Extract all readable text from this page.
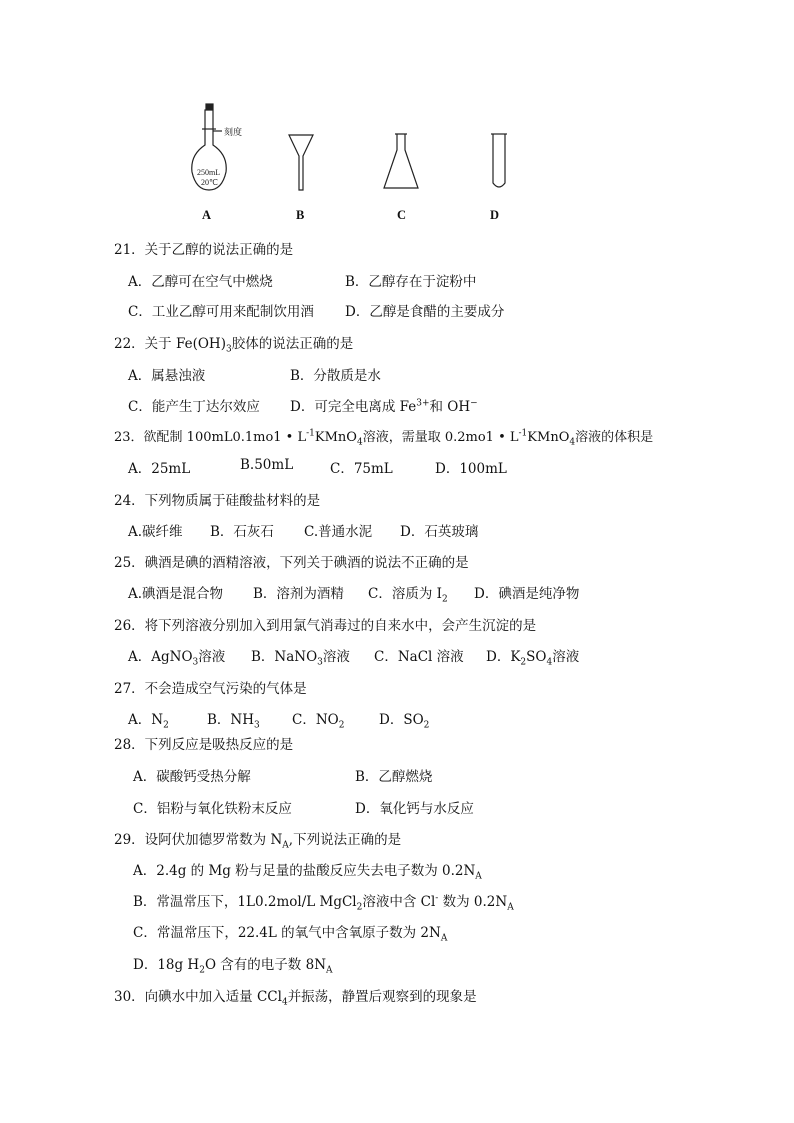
刻度
250mL
20℃
A	B	C	D
21．关于乙醇的说法正确的是
A．乙醇可在空气中燃烧	B．乙醇存在于淀粉中
C．工业乙醇可用来配制饮用酒 D．乙醇是食醋的主要成分
22．关于 $Fe(OH)_3$胶体的说法正确的是
A．属悬浊液	B．分散质是水
C．能产生丁达尔效应 D．可完全电离成 $Fe^{3+}$和 OH−
23．欲配制 100mL0.1mo1 • $L^{-1}KMnO_4$溶液，需量取 0.2mo1 • $L^{-1}KMnO_4$溶液的体积是
A．25mL	B.50mL	C．75mL	D．100mL
24．下列物质属于硅酸盐材料的是
A.碳纤维 B．石灰石 C.普通水泥 D．石英玻璃
25．碘酒是碘的酒精溶液，下列关于碘酒的说法不正确的是
A.碘酒是混合物 B．溶剂为酒精 C．溶质为 $I_2$ D．碘酒是纯净物
26．将下列溶液分别加入到用氯气消毒过的自来水中，会产生沉淀的是
A．AgNO$_3$溶液 B．NaNO$_3$溶液 C．NaCl 溶液 D．$K_2SO_4$溶液
27．不会造成空气污染的气体是
A．$N_2$	B．$NH_3$ C．$NO_2$	D．$SO_2$
28．下列反应是吸热反应的是
A．碳酸钙受热分解	B．乙醇燃烧
C．铝粉与氧化铁粉末反应	D．氧化钙与水反应
29．设阿伏加德罗常数为 $N_A$,下列说法正确的是
A．2.4g 的 Mg 粉与足量的盐酸反应失去电子数为 $0.2N_A$
B．常温常压下，1L0.2mol/L MgCl$_2$溶液中含 Cl- 数为 $0.2N_A$
C．常温常压下，22.4L 的氧气中含氧原子数为 $2N_A$
D．18g $H_2O$ 含有的电子数 $8N_A$
30．向碘水中加入适量 CCl$_4$并振荡，静置后观察到的现象是
